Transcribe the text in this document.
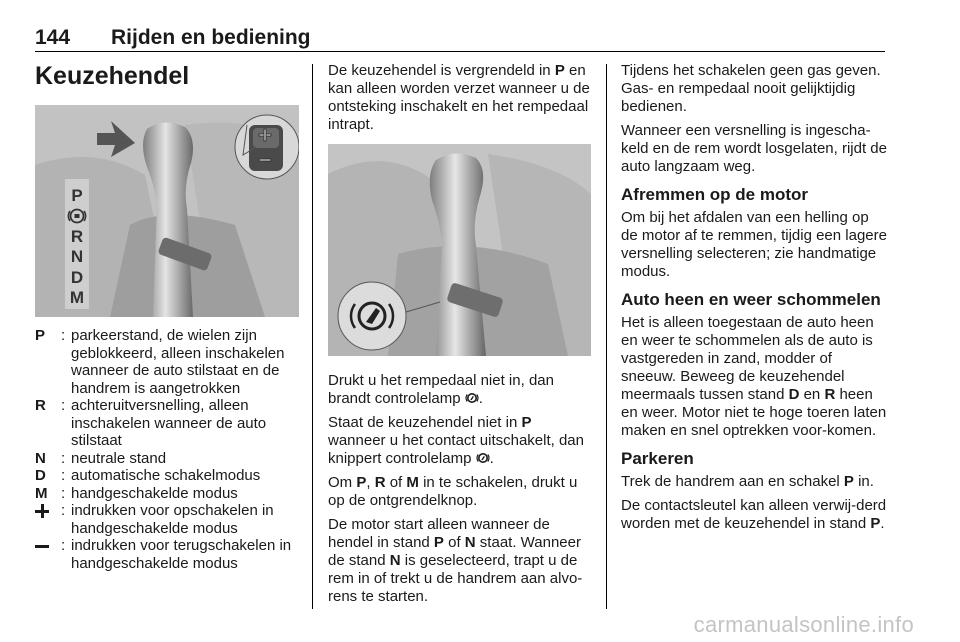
144 Rijden en bediening
Keuzehendel
P
R
N
D
M
P	: parkeerstand, de wielen zijn geblokkeerd, alleen inschakelen wanneer de auto stilstaat en de handrem is aangetrokken
R	: achteruitversnelling, alleen inschakelen wanneer de auto stilstaat
N	: neutrale stand
D	: automatische schakelmodus
M : handgeschakelde modus
: indrukken voor opschakelen in handgeschakelde modus
: indrukken voor terugschakelen in handgeschakelde modus

De keuzehendel is vergrendeld in P en kan alleen worden verzet wanneer u de ontsteking inschakelt en het rempedaal intrapt.

Drukt u het rempedaal niet in, dan brandt controlelamp .

Staat de keuzehendel niet in P wanneer u het contact uitschakelt, dan knippert controlelamp .

Om P, R of M in te schakelen, drukt u op de ontgrendelknop.

De motor start alleen wanneer de hendel in stand P of N staat. Wanneer de stand N is geselecteerd, trapt u de rem in of trekt u de handrem aan alvo-rens te starten.

Tijdens het schakelen geen gas geven. Gas- en rempedaal nooit gelijktijdig bedienen.

Wanneer een versnelling is ingescha-keld en de rem wordt losgelaten, rijdt de auto langzaam weg.

Afremmen op de motor

Om bij het afdalen van een helling op de motor af te remmen, tijdig een lagere versnelling selecteren; zie handmatige modus.

Auto heen en weer schommelen

Het is alleen toegestaan de auto heen en weer te schommelen als de auto is vastgereden in zand, modder of sneeuw. Beweeg de keuzehendel meermaals tussen stand D en R heen en weer. Motor niet te hoge toeren laten maken en snel optrekken voor-komen.

Parkeren

Trek de handrem aan en schakel P in.

De contactsleutel kan alleen verwij-derd worden met de keuzehendel in stand P.

carmanualsonline.info
